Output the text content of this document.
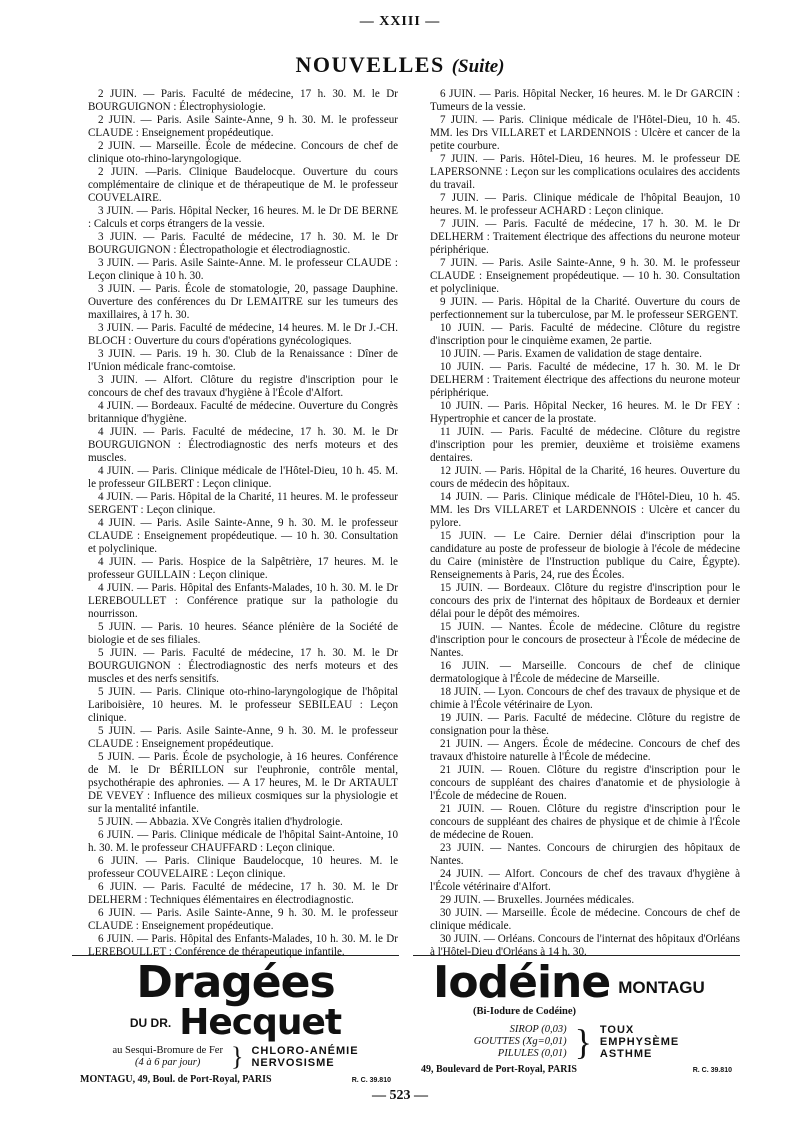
— XXIII —
NOUVELLES (Suite)

2 JUIN. — Paris. Faculté de médecine, 17 h. 30. M. le Dr BOURGUIGNON : Électrophysiologie.

2 JUIN. — Paris. Asile Sainte-Anne, 9 h. 30. M. le professeur CLAUDE : Enseignement propédeutique.

2 JUIN. — Marseille. École de médecine. Concours de chef de clinique oto-rhino-laryngologique.

2 JUIN. —Paris. Clinique Baudelocque. Ouverture du cours complémentaire de clinique et de thérapeutique de M. le professeur COUVELAIRE.

3 JUIN. — Paris. Hôpital Necker, 16 heures. M. le Dr DE BERNE : Calculs et corps étrangers de la vessie.

3 JUIN. — Paris. Faculté de médecine, 17 h. 30. M. le Dr BOURGUIGNON : Électropathologie et électrodiagnostic.

3 JUIN. — Paris. Asile Sainte-Anne. M. le professeur CLAUDE : Leçon clinique à 10 h. 30.

3 JUIN. — Paris. École de stomatologie, 20, passage Dauphine. Ouverture des conférences du Dr LEMAITRE sur les tumeurs des maxillaires, à 17 h. 30.

3 JUIN. — Paris. Faculté de médecine, 14 heures. M. le Dr J.-CH. BLOCH : Ouverture du cours d'opérations gynécologiques.

3 JUIN. — Paris. 19 h. 30. Club de la Renaissance : Dîner de l'Union médicale franc-comtoise.

3 JUIN. — Alfort. Clôture du registre d'inscription pour le concours de chef des travaux d'hygiène à l'École d'Alfort.

4 JUIN. — Bordeaux. Faculté de médecine. Ouverture du Congrès britannique d'hygiène.

4 JUIN. — Paris. Faculté de médecine, 17 h. 30. M. le Dr BOURGUIGNON : Électrodiagnostic des nerfs moteurs et des muscles.

4 JUIN. — Paris. Clinique médicale de l'Hôtel-Dieu, 10 h. 45. M. le professeur GILBERT : Leçon clinique.

4 JUIN. — Paris. Hôpital de la Charité, 11 heures. M. le professeur SERGENT : Leçon clinique.

4 JUIN. — Paris. Asile Sainte-Anne, 9 h. 30. M. le professeur CLAUDE : Enseignement propédeutique. — 10 h. 30. Consultation et polyclinique.

4 JUIN. — Paris. Hospice de la Salpêtrière, 17 heures. M. le professeur GUILLAIN : Leçon clinique.

4 JUIN. — Paris. Hôpital des Enfants-Malades, 10 h. 30. M. le Dr LEREBOULLET : Conférence pratique sur la pathologie du nourrisson.

5 JUIN. — Paris. 10 heures. Séance plénière de la Société de biologie et de ses filiales.

5 JUIN. — Paris. Faculté de médecine, 17 h. 30. M. le Dr BOURGUIGNON : Électrodiagnostic des nerfs moteurs et des muscles et des nerfs sensitifs.

5 JUIN. — Paris. Clinique oto-rhino-laryngologique de l'hôpital Lariboisière, 10 heures. M. le professeur SEBILEAU : Leçon clinique.

5 JUIN. — Paris. Asile Sainte-Anne, 9 h. 30. M. le professeur CLAUDE : Enseignement propédeutique.

5 JUIN. — Paris. École de psychologie, à 16 heures. Conférence de M. le Dr BÉRILLON sur l'euphronie, contrôle mental, psychothérapie des aphronies. — A 17 heures, M. le Dr ARTAULT DE VEVEY : Influence des milieux cosmiques sur la physiologie et sur la mentalité infantile.

5 JUIN. — Abbazia. XVe Congrès italien d'hydrologie.

6 JUIN. — Paris. Clinique médicale de l'hôpital Saint-Antoine, 10 h. 30. M. le professeur CHAUFFARD : Leçon clinique.

6 JUIN. — Paris. Clinique Baudelocque, 10 heures. M. le professeur COUVELAIRE : Leçon clinique.

6 JUIN. — Paris. Faculté de médecine, 17 h. 30. M. le Dr DELHERM : Techniques élémentaires en électrodiagnostic.

6 JUIN. — Paris. Asile Sainte-Anne, 9 h. 30. M. le professeur CLAUDE : Enseignement propédeutique.

6 JUIN. — Paris. Hôpital des Enfants-Malades, 10 h. 30. M. le Dr LEREBOULLET : Conférence de thérapeutique infantile.

6 JUIN. — Paris. Hôpital Necker, 16 heures. M. le Dr GARCIN : Tumeurs de la vessie.

7 JUIN. — Paris. Clinique médicale de l'Hôtel-Dieu, 10 h. 45. MM. les Drs VILLARET et LARDENNOIS : Ulcère et cancer de la petite courbure.

7 JUIN. — Paris. Hôtel-Dieu, 16 heures. M. le professeur DE LAPERSONNE : Leçon sur les complications oculaires des accidents du travail.

7 JUIN. — Paris. Clinique médicale de l'hôpital Beaujon, 10 heures. M. le professeur ACHARD : Leçon clinique.

7 JUIN. — Paris. Faculté de médecine, 17 h. 30. M. le Dr DELHERM : Traitement électrique des affections du neurone moteur périphérique.

7 JUIN. — Paris. Asile Sainte-Anne, 9 h. 30. M. le professeur CLAUDE : Enseignement propédeutique. — 10 h. 30. Consultation et polyclinique.

9 JUIN. — Paris. Hôpital de la Charité. Ouverture du cours de perfectionnement sur la tuberculose, par M. le professeur SERGENT.

10 JUIN. — Paris. Faculté de médecine. Clôture du registre d'inscription pour le cinquième examen, 2e partie.

10 JUIN. — Paris. Examen de validation de stage dentaire.

10 JUIN. — Paris. Faculté de médecine, 17 h. 30. M. le Dr DELHERM : Traitement électrique des affections du neurone moteur périphérique.

10 JUIN. — Paris. Hôpital Necker, 16 heures. M. le Dr FEY : Hypertrophie et cancer de la prostate.

11 JUIN. — Paris. Faculté de médecine. Clôture du registre d'inscription pour les premier, deuxième et troisième examens dentaires.

12 JUIN. — Paris. Hôpital de la Charité, 16 heures. Ouverture du cours de médecin des hôpitaux.

14 JUIN. — Paris. Clinique médicale de l'Hôtel-Dieu, 10 h. 45. MM. les Drs VILLARET et LARDENNOIS : Ulcère et cancer du pylore.

15 JUIN. — Le Caire. Dernier délai d'inscription pour la candidature au poste de professeur de biologie à l'école de médecine du Caire (ministère de l'Instruction publique du Caire, Égypte). Renseignements à Paris, 24, rue des Écoles.

15 JUIN. — Bordeaux. Clôture du registre d'inscription pour le concours des prix de l'internat des hôpitaux de Bordeaux et dernier délai pour le dépôt des mémoires.

15 JUIN. — Nantes. École de médecine. Clôture du registre d'inscription pour le concours de prosecteur à l'École de médecine de Nantes.

16 JUIN. — Marseille. Concours de chef de clinique dermatologique à l'École de médecine de Marseille.

18 JUIN. — Lyon. Concours de chef des travaux de physique et de chimie à l'École vétérinaire de Lyon.

19 JUIN. — Paris. Faculté de médecine. Clôture du registre de consignation pour la thèse.

21 JUIN. — Angers. École de médecine. Concours de chef des travaux d'histoire naturelle à l'École de médecine.

21 JUIN. — Rouen. Clôture du registre d'inscription pour le concours de suppléant des chaires d'anatomie et de physiologie à l'École de médecine de Rouen.

21 JUIN. — Rouen. Clôture du registre d'inscription pour le concours de suppléant des chaires de physique et de chimie à l'École de médecine de Rouen.

23 JUIN. — Nantes. Concours de chirurgien des hôpitaux de Nantes.

24 JUIN. — Alfort. Concours de chef des travaux d'hygiène à l'École vétérinaire d'Alfort.

29 JUIN. — Bruxelles. Journées médicales.

30 JUIN. — Marseille. École de médecine. Concours de chef de clinique médicale.

30 JUIN. — Orléans. Concours de l'internat des hôpitaux d'Orléans à l'Hôtel-Dieu d'Orléans à 14 h. 30.

Dragées
DU DR. Hecquet
au Sesqui-Bromure de Fer
(4 à 6 par jour)	} CHLORO-ANÉMIE
NERVOSISME
MONTAGU, 49, Boul. de Port-Royal, PARIS	R. C. 39.810
Iodéine MONTAGU
(Bi-Iodure de Codéine)
SIROP (0,03)
GOUTTES (Xg=0,01)
PILULES (0,01) } TOUX
EMPHYSÈME
ASTHME
49, Boulevard de Port-Royal, PARIS	R. C. 39.810
— 523 —
